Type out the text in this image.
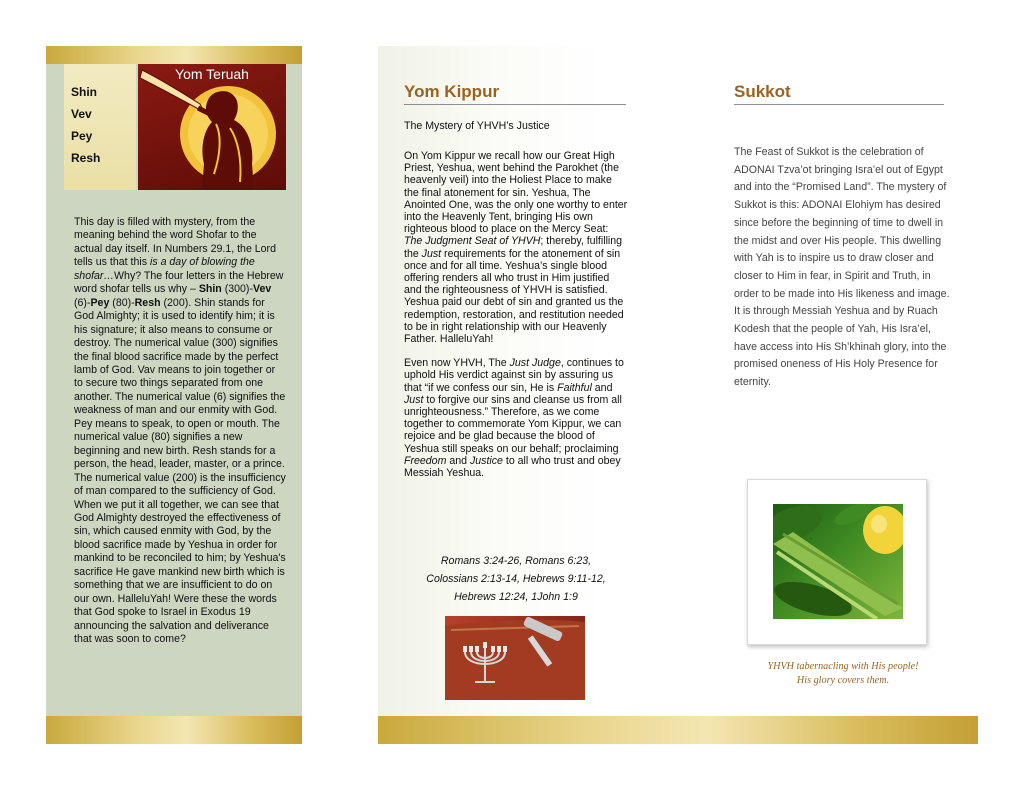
Shin
Vev
Pey
Resh
Yom Teruah

This day is filled with mystery, from the meaning behind the word Shofar to the actual day itself. In Numbers 29.1, the Lord tells us that this is a day of blowing the shofar…Why? The four letters in the Hebrew word shofar tells us why – Shin (300)-Vev (6)-Pey (80)-Resh (200). Shin stands for God Almighty; it is used to identify him; it is his signature; it also means to consume or destroy. The numerical value (300) signifies the final blood sacrifice made by the perfect lamb of God. Vav means to join together or to secure two things separated from one another. The numerical value (6) signifies the weakness of man and our enmity with God. Pey means to speak, to open or mouth. The numerical value (80) signifies a new beginning and new birth. Resh stands for a person, the head, leader, master, or a prince. The numerical value (200) is the insufficiency of man compared to the sufficiency of God. When we put it all together, we can see that God Almighty destroyed the effectiveness of sin, which caused enmity with God, by the blood sacrifice made by Yeshua in order for mankind to be reconciled to him; by Yeshua's sacrifice He gave mankind new birth which is something that we are insufficient to do on our own. HalleluYah! Were these the words that God spoke to Israel in Exodus 19 announcing the salvation and deliverance that was soon to come?

Yom Kippur
The Mystery of YHVH’s Justice

On Yom Kippur we recall how our Great High Priest, Yeshua, went behind the Parokhet (the heavenly veil) into the Holiest Place to make the final atonement for sin. Yeshua, The Anointed One, was the only one worthy to enter into the Heavenly Tent, bringing His own righteous blood to place on the Mercy Seat: The Judgment Seat of YHVH; thereby, fulfilling the Just requirements for the atonement of sin once and for all time. Yeshua’s single blood offering renders all who trust in Him justified and the righteousness of YHVH is satisfied. Yeshua paid our debt of sin and granted us the redemption, restoration, and restitution needed to be in right relationship with our Heavenly Father. HalleluYah!

Even now YHVH, The Just Judge, continues to uphold His verdict against sin by assuring us that “if we confess our sin, He is Faithful and Just to forgive our sins and cleanse us from all unrighteousness.” Therefore, as we come together to commemorate Yom Kippur, we can rejoice and be glad because the blood of Yeshua still speaks on our behalf; proclaiming Freedom and Justice to all who trust and obey Messiah Yeshua.

Romans 3:24-26, Romans 6:23,
Colossians 2:13-14, Hebrews 9:11-12,
Hebrews 12:24, 1John 1:9
Sukkot

The Feast of Sukkot is the celebration of ADONAI Tzva’ot bringing Isra’el out of Egypt and into the “Promised Land”. The mystery of Sukkot is this: ADONAI Elohiym has desired since before the beginning of time to dwell in the midst and over His people. This dwelling with Yah is to inspire us to draw closer and closer to Him in fear, in Spirit and Truth, in order to be made into His likeness and image. It is through Messiah Yeshua and by Ruach Kodesh that the people of Yah, His Isra’el, have access into His Sh’khinah glory, into the promised oneness of His Holy Presence for eternity.

YHVH tabernacling with His people!
His glory covers them.
